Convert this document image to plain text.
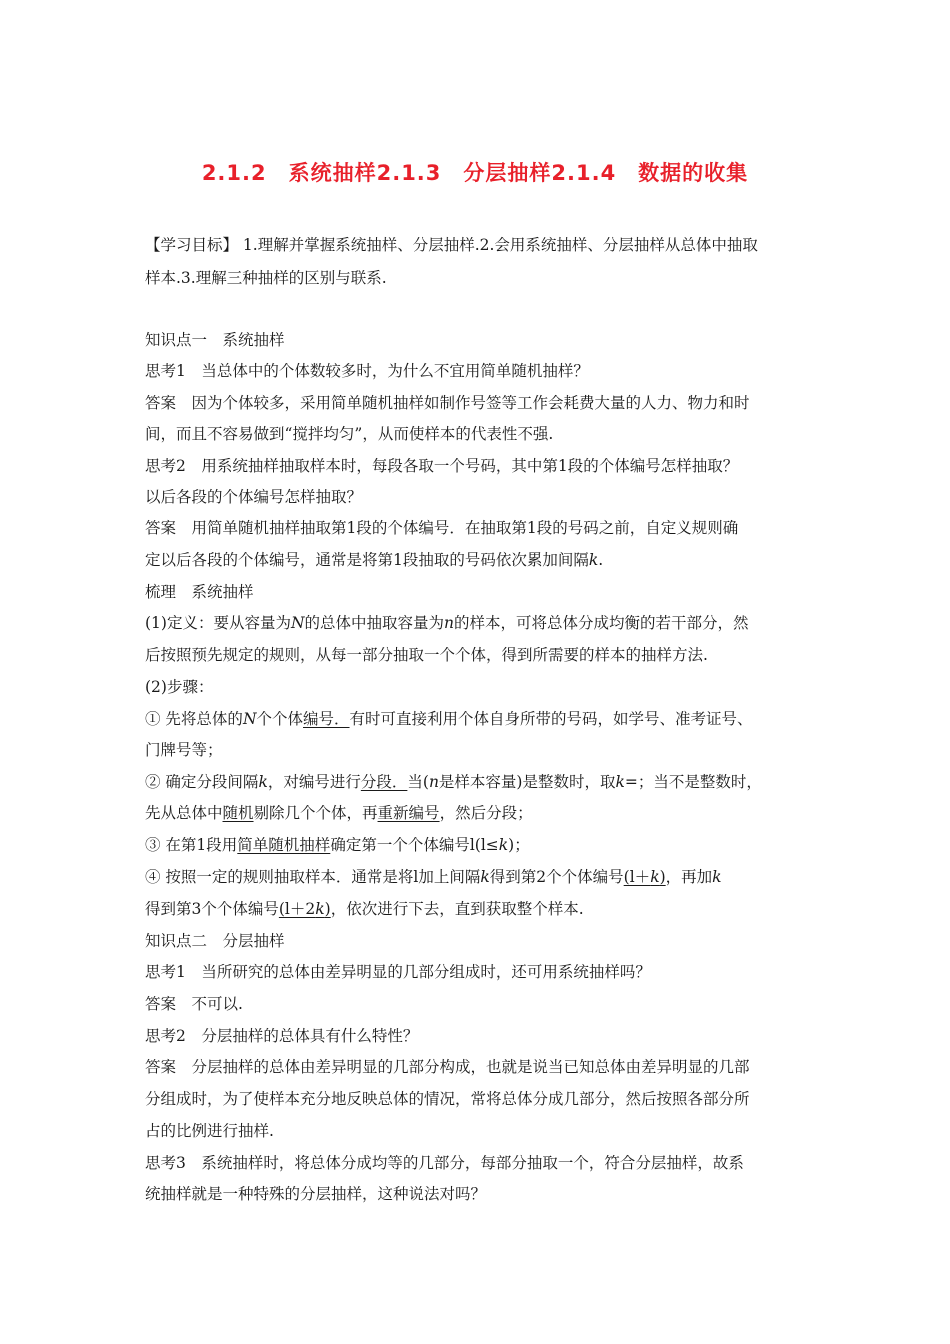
2.1.2　系统抽样2.1.3　分层抽样2.1.4　数据的收集
【学习目标】 1.理解并掌握系统抽样、分层抽样.2.会用系统抽样、分层抽样从总体中抽取
样本.3.理解三种抽样的区别与联系.
知识点一　系统抽样
思考1　当总体中的个体数较多时，为什么不宜用简单随机抽样？
答案　因为个体较多，采用简单随机抽样如制作号签等工作会耗费大量的人力、物力和时
间，而且不容易做到“搅拌均匀”，从而使样本的代表性不强.
思考2　用系统抽样抽取样本时，每段各取一个号码，其中第1段的个体编号怎样抽取？
以后各段的个体编号怎样抽取？
答案　用简单随机抽样抽取第1段的个体编号．在抽取第1段的号码之前，自定义规则确
定以后各段的个体编号，通常是将第1段抽取的号码依次累加间隔k.
梳理　系统抽样
(1)定义：要从容量为N的总体中抽取容量为n的样本，可将总体分成均衡的若干部分，然
后按照预先规定的规则，从每一部分抽取一个个体，得到所需要的样本的抽样方法.
(2)步骤：
① 先将总体的N个个体编号．有时可直接利用个体自身所带的号码，如学号、准考证号、
门牌号等；
② 确定分段间隔k，对编号进行分段．当(n是样本容量)是整数时，取k=；当不是整数时，
先从总体中随机剔除几个个体，再重新编号，然后分段；
③ 在第1段用简单随机抽样确定第一个个体编号l(l≤k)；
④ 按照一定的规则抽取样本．通常是将l加上间隔k得到第2个个体编号(l＋k)，再加k
得到第3个个体编号(l＋2k)，依次进行下去，直到获取整个样本.
知识点二　分层抽样
思考1　当所研究的总体由差异明显的几部分组成时，还可用系统抽样吗？
答案　不可以.
思考2　分层抽样的总体具有什么特性？
答案　分层抽样的总体由差异明显的几部分构成，也就是说当已知总体由差异明显的几部
分组成时，为了使样本充分地反映总体的情况，常将总体分成几部分，然后按照各部分所
占的比例进行抽样.
思考3　系统抽样时，将总体分成均等的几部分，每部分抽取一个，符合分层抽样，故系
统抽样就是一种特殊的分层抽样，这种说法对吗？
